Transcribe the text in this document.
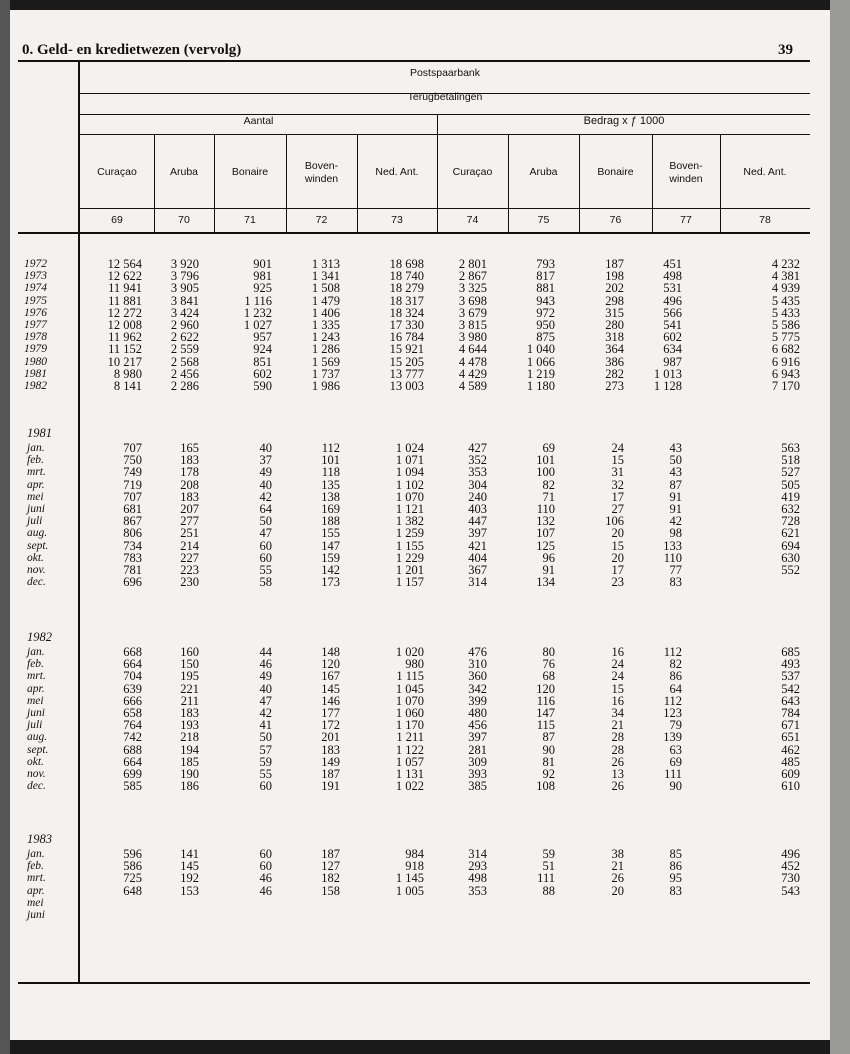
0. Geld- en kredietwezen (vervolg)	39
Postspaarbank
Terugbetalingen
Aantal	Bedrag x ƒ 1000
Curaçao
69
Aruba
70
Bonaire
71
Boven-
winden
72
Ned. Ant.
73
Curaçao
74
Aruba
75
Bonaire
76
Boven-
winden
77
Ned. Ant.
78
1972
1973
1974
1975
1976
1977
1978
1979
1980
1981
1982
12 564
12 622
11 941
11 881
12 272
12 008
11 962
11 152
10 217
8 980
8 141
3 920
3 796
3 905
3 841
3 424
2 960
2 622
2 559
2 568
2 456
2 286
901
981
925
1 116
1 232
1 027
957
924
851
602
590
1 313
1 341
1 508
1 479
1 406
1 335
1 243
1 286
1 569
1 737
1 986
18 698
18 740
18 279
18 317
18 324
17 330
16 784
15 921
15 205
13 777
13 003
2 801
2 867
3 325
3 698
3 679
3 815
3 980
4 644
4 478
4 429
4 589
793
817
881
943
972
950
875
1 040
1 066
1 219
1 180
187
198
202
298
315
280
318
364
386
282
273
451
498
531
496
566
541
602
634
987
1 013
1 128
4 232
4 381
4 939
5 435
5 433
5 586
5 775
6 682
6 916
6 943
7 170
1981
jan.
feb.
mrt.
apr.
mei
juni
juli
aug.
sept.
okt.
nov.
dec.
707
750
749
719
707
681
867
806
734
783
781
696
165
183
178
208
183
207
277
251
214
227
223
230
40
37
49
40
42
64
50
47
60
60
55
58
112
101
118
135
138
169
188
155
147
159
142
173
1 024
1 071
1 094
1 102
1 070
1 121
1 382
1 259
1 155
1 229
1 201
1 157
427
352
353
304
240
403
447
397
421
404
367
314
69
101
100
82
71
110
132
107
125
96
91
134
24
15
31
32
17
27
106
20
15
20
17
23
43
50
43
87
91
91
42
98
133
110
77
83
563
518
527
505
419
632
728
621
694
630
552

1982
jan.
feb.
mrt.
apr.
mei
juni
juli
aug.
sept.
okt.
nov.
dec.
668
664
704
639
666
658
764
742
688
664
699
585
160
150
195
221
211
183
193
218
194
185
190
186
44
46
49
40
47
42
41
50
57
59
55
60
148
120
167
145
146
177
172
201
183
149
187
191
1 020
980
1 115
1 045
1 070
1 060
1 170
1 211
1 122
1 057
1 131
1 022
476
310
360
342
399
480
456
397
281
309
393
385
80
76
68
120
116
147
115
87
90
81
92
108
16
24
24
15
16
34
21
28
28
26
13
26
112
82
86
64
112
123
79
139
63
69
111
90
685
493
537
542
643
784
671
651
462
485
609
610
1983
jan.
feb.
mrt.
apr.
mei
juni
596
586
725
648

141
145
192
153

60
60
46
46

187
127
182
158

984
918
1 145
1 005

314
293
498
353

59
51
111
88

38
21
26
20

85
86
95
83

496
452
730
543
